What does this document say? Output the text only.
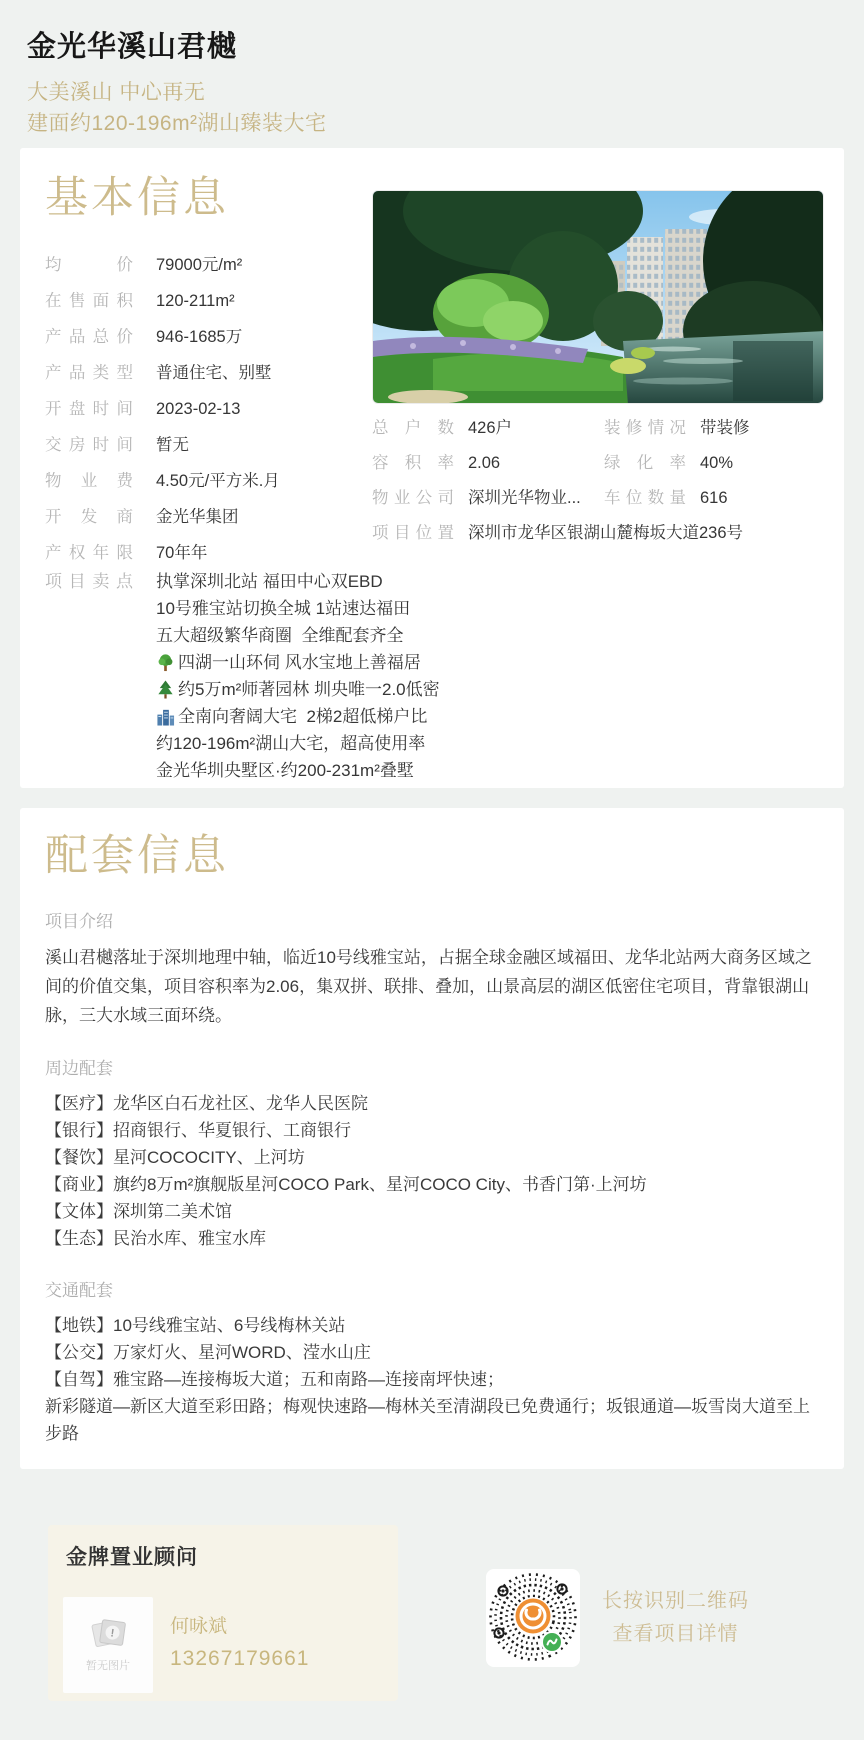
金光华溪山君樾
大美溪山 中心再无
建面约120-196m²湖山臻装大宅
基本信息
均价 79000元/m²
在售面积 120-211m²
产品总价 946-1685万
产品类型 普通住宅、别墅
开盘时间 2023-02-13
交房时间 暂无
物业费 4.50元/平方米.月
开发商 金光华集团
产权年限 70年年
总户数 426户	装修情况 带装修
容积率 2.06	绿化率 40%
物业公司 深圳光华物业... 车位数量 616
项目位置 深圳市龙华区银湖山麓梅坂大道236号
项目卖点 执掌深圳北站 福田中心双EBD
10号雅宝站切换全城 1站速达福田
五大超级繁华商圈  全维配套齐全
四湖一山环伺 风水宝地上善福居
约5万m²师著园林 圳央唯一2.0低密
全南向奢阔大宅  2梯2超低梯户比
约120-196m²湖山大宅，超高使用率
金光华圳央墅区·约200-231m²叠墅
配套信息
项目介绍

溪山君樾落址于深圳地理中轴，临近10号线雅宝站，占据全球金融区域福田、龙华北站两大商务区域之间的价值交集，项目容积率为2.06，集双拼、联排、叠加，山景高层的湖区低密住宅项目，背靠银湖山脉，三大水域三面环绕。

周边配套
【医疗】龙华区白石龙社区、龙华人民医院
【银行】招商银行、华夏银行、工商银行
【餐饮】星河COCOCITY、上河坊
【商业】旗约8万m²旗舰版星河COCO Park、星河COCO City、书香门第·上河坊
【文体】深圳第二美术馆
【生态】民治水库、雅宝水库
交通配套
【地铁】10号线雅宝站、6号线梅林关站
【公交】万家灯火、星河WORD、滢水山庄
【自驾】雅宝路—连接梅坂大道；五和南路—连接南坪快速；
新彩隧道—新区大道至彩田路；梅观快速路—梅林关至清湖段已免费通行；坂银通道—坂雪岗大道至上步路
金牌置业顾问
!
暂无图片
何咏斌
13267179661
长按识别二维码
查看项目详情
